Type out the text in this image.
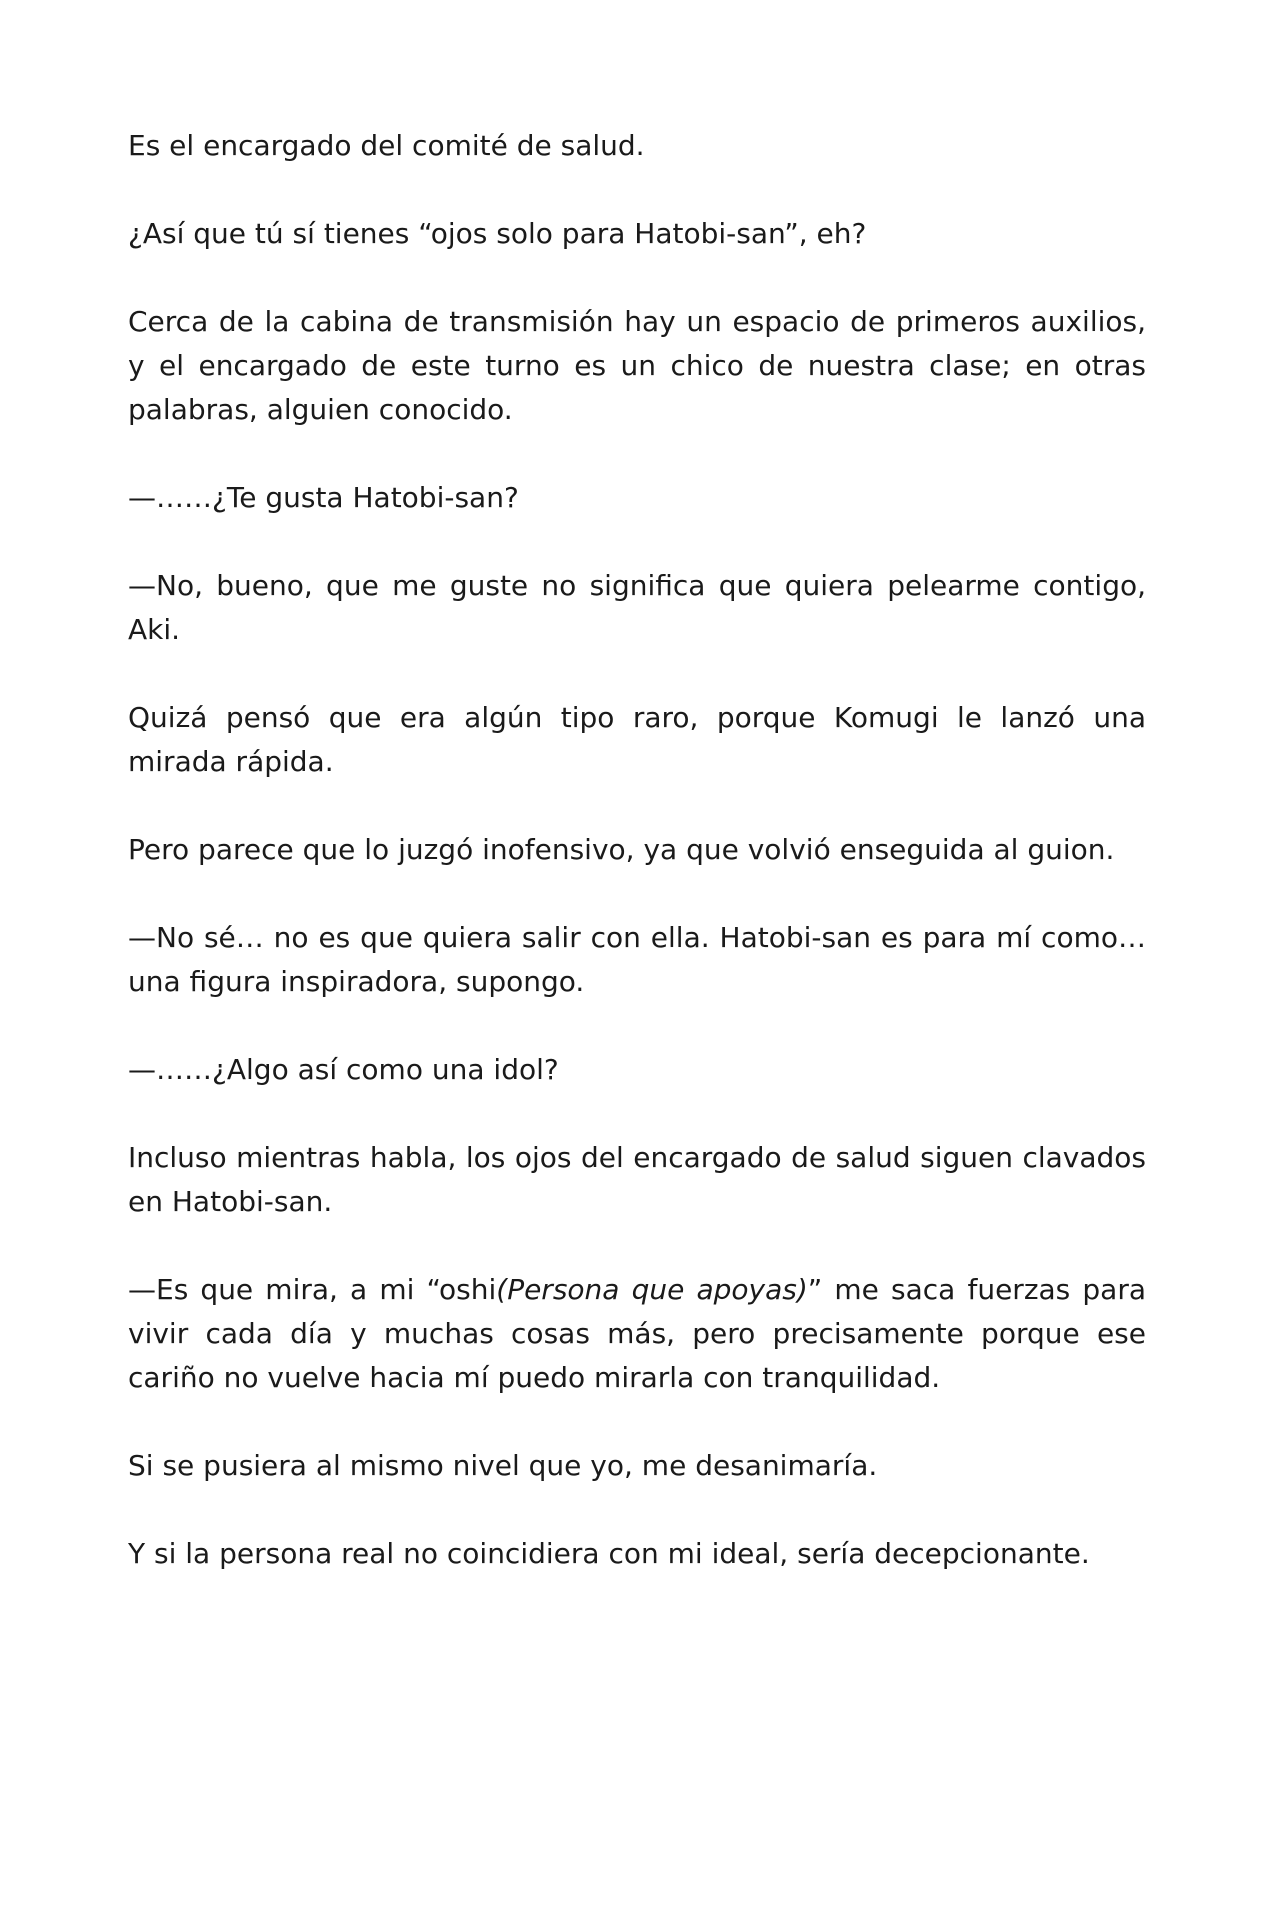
Es el encargado del comité de salud.

¿Así que tú sí tienes “ojos solo para Hatobi-san”, eh?

Cerca de la cabina de transmisión hay un espacio de primeros auxilios, y el encargado de este turno es un chico de nuestra clase; en otras palabras, alguien conocido.

—……¿Te gusta Hatobi-san?

—No, bueno, que me guste no significa que quiera pelearme contigo, Aki.

Quizá pensó que era algún tipo raro, porque Komugi le lanzó una mirada rápida.

Pero parece que lo juzgó inofensivo, ya que volvió enseguida al guion.

—No sé… no es que quiera salir con ella. Hatobi-san es para mí como… una figura inspiradora, supongo.

—……¿Algo así como una idol?

Incluso mientras habla, los ojos del encargado de salud siguen clavados en Hatobi-san.

—Es que mira, a mi “oshi(Persona que apoyas)” me saca fuerzas para vivir cada día y muchas cosas más, pero precisamente porque ese cariño no vuelve hacia mí puedo mirarla con tranquilidad.

Si se pusiera al mismo nivel que yo, me desanimaría.

Y si la persona real no coincidiera con mi ideal, sería decepcionante.
